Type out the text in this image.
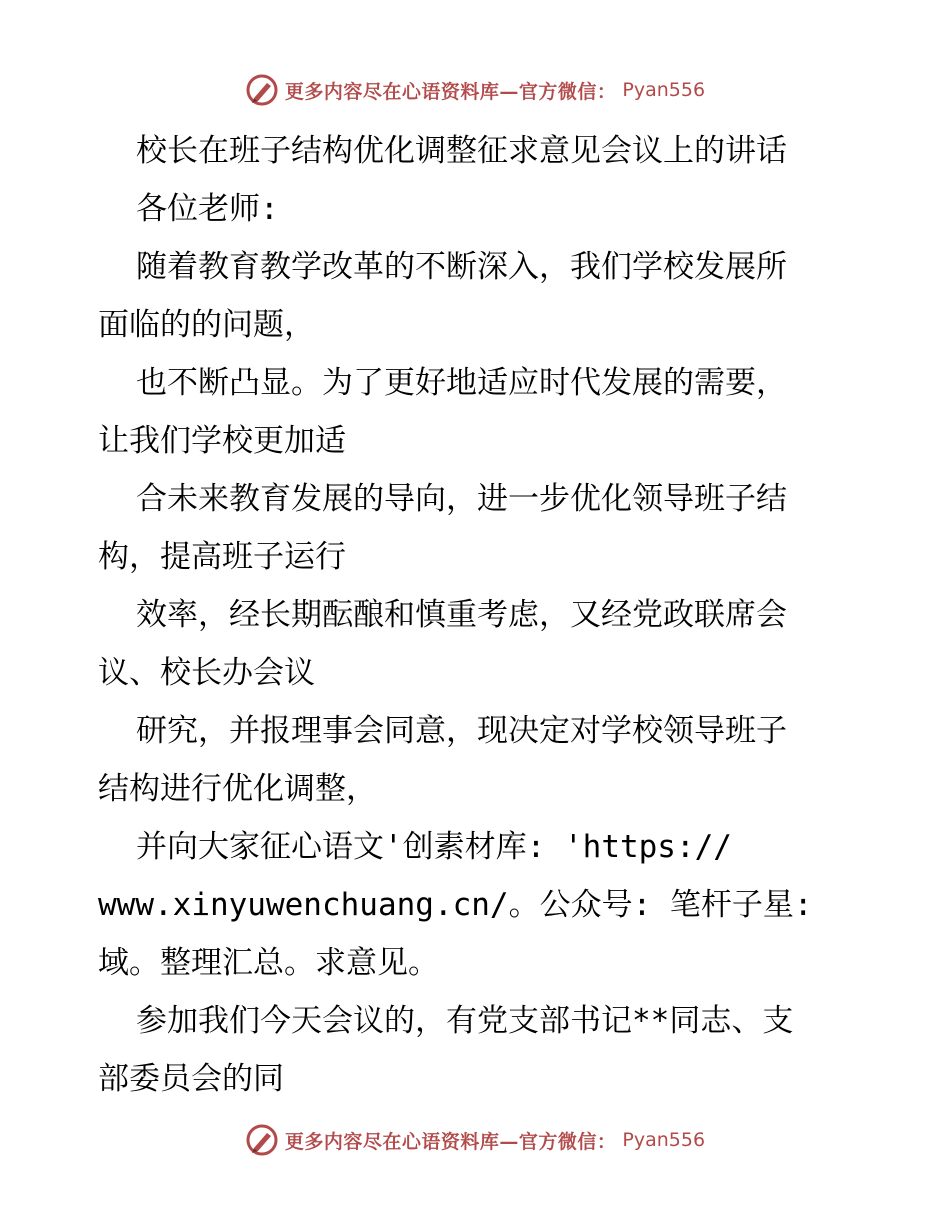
更多内容尽在心语资料库—官方微信： Pyan556
校长在班子结构优化调整征求意见会议上的讲话
各位老师:
随着教育教学改革的不断深入，我们学校发展所
面临的的问题，
也不断凸显。为了更好地适应时代发展的需要，
让我们学校更加适
合未来教育发展的导向，进一步优化领导班子结
构，提高班子运行
效率，经长期酝酿和慎重考虑，又经党政联席会
议、校长办会议
研究，并报理事会同意，现决定对学校领导班子
结构进行优化调整，
并向大家征心语文'创素材库: 'https://
www.xinyuwenchuang.cn/。公众号: 笔杆子星:
域。整理汇总。求意见。
参加我们今天会议的，有党支部书记**同志、支
部委员会的同
更多内容尽在心语资料库—官方微信： Pyan556
